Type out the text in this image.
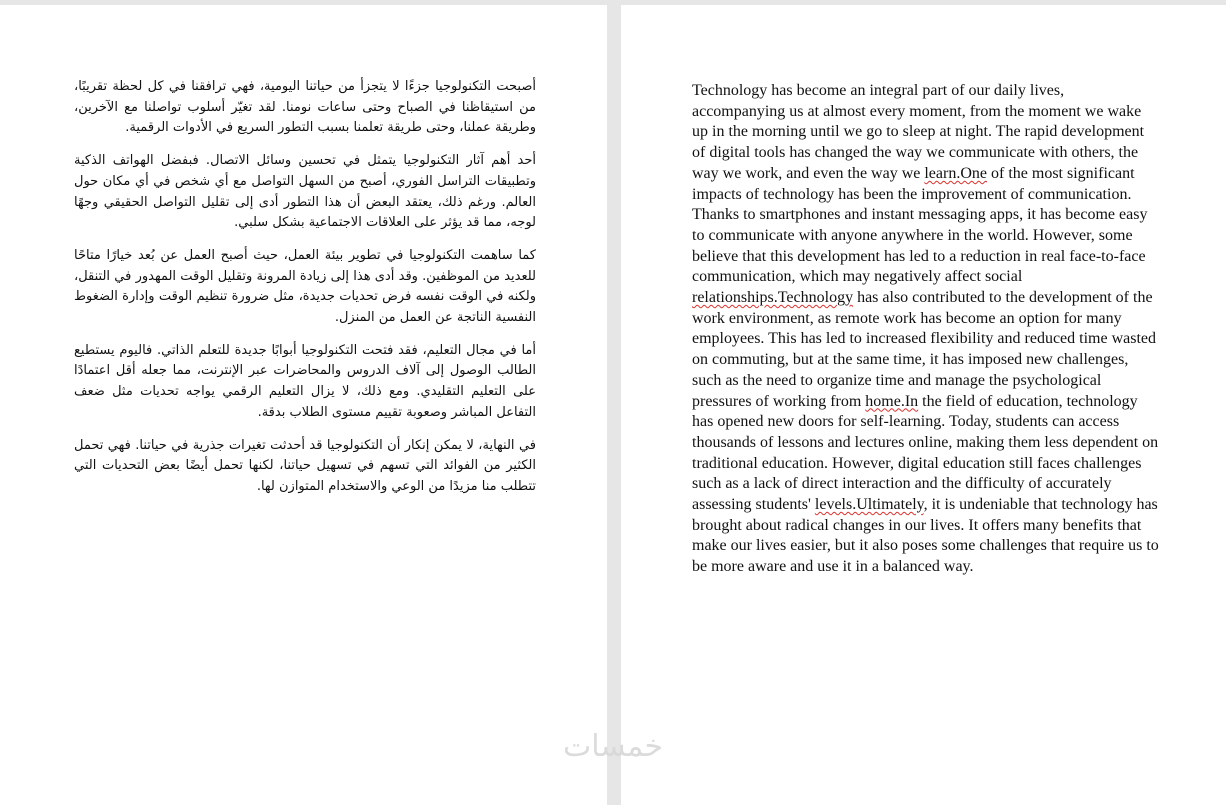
أصبحت التكنولوجيا جزءًا لا يتجزأ من حياتنا اليومية، فهي ترافقنا في كل لحظة تقريبًا، من استيقاظنا في الصباح وحتى ساعات نومنا. لقد تغيّر أسلوب تواصلنا مع الآخرين، وطريقة عملنا، وحتى طريقة تعلمنا بسبب التطور السريع في الأدوات الرقمية.

أحد أهم آثار التكنولوجيا يتمثل في تحسين وسائل الاتصال. فبفضل الهواتف الذكية وتطبيقات التراسل الفوري، أصبح من السهل التواصل مع أي شخص في أي مكان حول العالم. ورغم ذلك، يعتقد البعض أن هذا التطور أدى إلى تقليل التواصل الحقيقي وجهًا لوجه، مما قد يؤثر على العلاقات الاجتماعية بشكل سلبي.

كما ساهمت التكنولوجيا في تطوير بيئة العمل، حيث أصبح العمل عن بُعد خيارًا متاحًا للعديد من الموظفين. وقد أدى هذا إلى زيادة المرونة وتقليل الوقت المهدور في التنقل، ولكنه في الوقت نفسه فرض تحديات جديدة، مثل ضرورة تنظيم الوقت وإدارة الضغوط النفسية الناتجة عن العمل من المنزل.

أما في مجال التعليم، فقد فتحت التكنولوجيا أبوابًا جديدة للتعلم الذاتي. فاليوم يستطيع الطالب الوصول إلى آلاف الدروس والمحاضرات عبر الإنترنت، مما جعله أقل اعتمادًا على التعليم التقليدي. ومع ذلك، لا يزال التعليم الرقمي يواجه تحديات مثل ضعف التفاعل المباشر وصعوبة تقييم مستوى الطلاب بدقة.

في النهاية، لا يمكن إنكار أن التكنولوجيا قد أحدثت تغيرات جذرية في حياتنا. فهي تحمل الكثير من الفوائد التي تسهم في تسهيل حياتنا، لكنها تحمل أيضًا بعض التحديات التي تتطلب منا مزيدًا من الوعي والاستخدام المتوازن لها.

Technology has become an integral part of our daily lives, accompanying us at almost every moment, from the moment we wake up in the morning until we go to sleep at night. The rapid development of digital tools has changed the way we communicate with others, the way we work, and even the way we learn.One of the most significant impacts of technology has been the improvement of communication. Thanks to smartphones and instant messaging apps, it has become easy to communicate with anyone anywhere in the world. However, some believe that this development has led to a reduction in real face-to-face communication, which may negatively affect social relationships.Technology has also contributed to the development of the work environment, as remote work has become an option for many employees. This has led to increased flexibility and reduced time wasted on commuting, but at the same time, it has imposed new challenges, such as the need to organize time and manage the psychological pressures of working from home.In the field of education, technology has opened new doors for self-learning. Today, students can access thousands of lessons and lectures online, making them less dependent on traditional education. However, digital education still faces challenges such as a lack of direct interaction and the difficulty of accurately assessing students' levels.Ultimately, it is undeniable that technology has brought about radical changes in our lives. It offers many benefits that make our lives easier, but it also poses some challenges that require us to be more aware and use it in a balanced way.

خمسات
